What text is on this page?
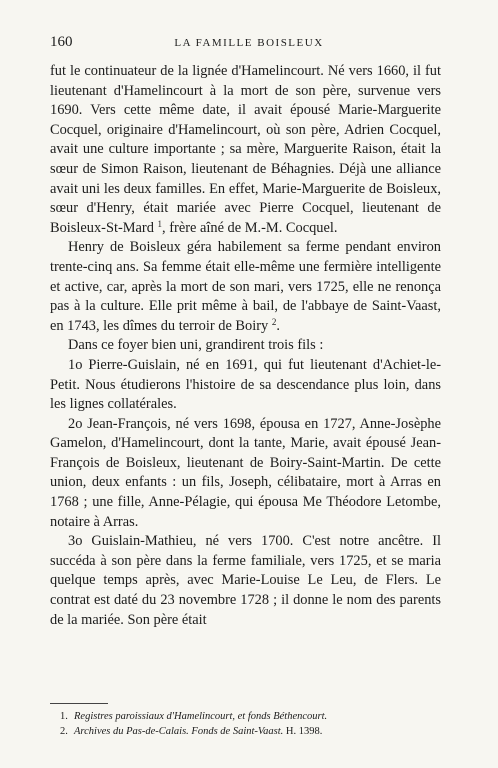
160	LA FAMILLE BOISLEUX

fut le continuateur de la lignée d'Hamelincourt. Né vers 1660, il fut lieutenant d'Hamelincourt à la mort de son père, survenue vers 1690. Vers cette même date, il avait épousé Marie-Marguerite Cocquel, originaire d'Hamelincourt, où son père, Adrien Cocquel, avait une culture importante ; sa mère, Marguerite Raison, était la sœur de Simon Raison, lieutenant de Béhagnies. Déjà une alliance avait uni les deux familles. En effet, Marie-Marguerite de Boisleux, sœur d'Henry, était mariée avec Pierre Cocquel, lieutenant de Boisleux-St-Mard $^1$, frère aîné de M.-M. Cocquel.

Henry de Boisleux géra habilement sa ferme pendant environ trente-cinq ans. Sa femme était elle-même une fermière intelligente et active, car, après la mort de son mari, vers 1725, elle ne renonça pas à la culture. Elle prit même à bail, de l'abbaye de Saint-Vaast, en 1743, les dîmes du terroir de Boiry $^2$.

Dans ce foyer bien uni, grandirent trois fils :

1o Pierre-Guislain, né en 1691, qui fut lieutenant d'Achiet-le-Petit. Nous étudierons l'histoire de sa descendance plus loin, dans les lignes collatérales.

2o Jean-François, né vers 1698, épousa en 1727, Anne-Josèphe Gamelon, d'Hamelincourt, dont la tante, Marie, avait épousé Jean-François de Boisleux, lieutenant de Boiry-Saint-Martin. De cette union, deux enfants : un fils, Joseph, célibataire, mort à Arras en 1768 ; une fille, Anne-Pélagie, qui épousa Me Théodore Letombe, notaire à Arras.

3o Guislain-Mathieu, né vers 1700. C'est notre ancêtre. Il succéda à son père dans la ferme familiale, vers 1725, et se maria quelque temps après, avec Marie-Louise Le Leu, de Flers. Le contrat est daté du 23 novembre 1728 ; il donne le nom des parents de la mariée. Son père était

1. Registres paroissiaux d'Hamelincourt, et fonds Béthencourt.
2. Archives du Pas-de-Calais. Fonds de Saint-Vaast. H. 1398.
